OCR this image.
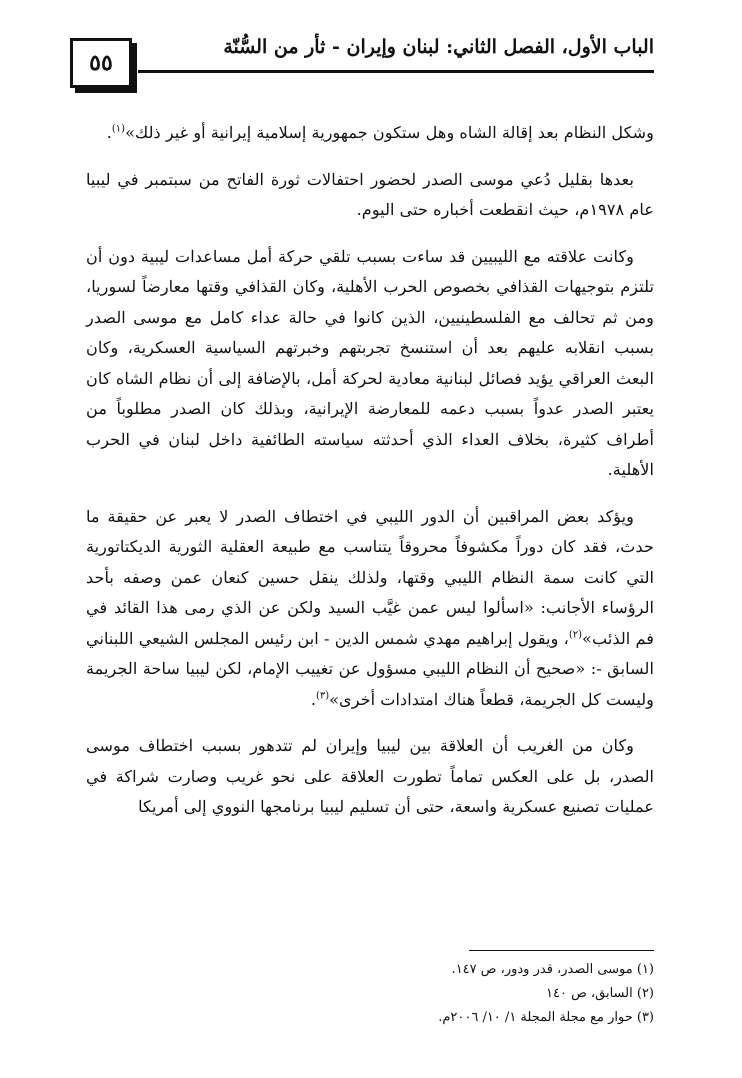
٥٥
الباب الأول، الفصل الثاني: لبنان وإيران - ثأر من السُّنّة

وشكل النظام بعد إقالة الشاه وهل ستكون جمهورية إسلامية إيرانية أو غير ذلك»$^{(١)}$.

بعدها بقليل دُعي موسى الصدر لحضور احتفالات ثورة الفاتح من سبتمبر في ليبيا عام ١٩٧٨م، حيث انقطعت أخباره حتى اليوم.

وكانت علاقته مع الليبيين قد ساءت بسبب تلقي حركة أمل مساعدات ليبية دون أن تلتزم بتوجيهات القذافي بخصوص الحرب الأهلية، وكان القذافي وقتها معارضاً لسوريا، ومن ثم تحالف مع الفلسطينيين، الذين كانوا في حالة عداء كامل مع موسى الصدر بسبب انقلابه عليهم بعد أن استنسخ تجربتهم وخبرتهم السياسية العسكرية، وكان البعث العراقي يؤيد فصائل لبنانية معادية لحركة أمل، بالإضافة إلى أن نظام الشاه كان يعتبر الصدر عدواً بسبب دعمه للمعارضة الإيرانية، وبذلك كان الصدر مطلوباً من أطراف كثيرة، بخلاف العداء الذي أحدثته سياسته الطائفية داخل لبنان في الحرب الأهلية.

ويؤكد بعض المراقبين أن الدور الليبي في اختطاف الصدر لا يعبر عن حقيقة ما حدث، فقد كان دوراً مكشوفاً محروقاً يتناسب مع طبيعة العقلية الثورية الديكتاتورية التي كانت سمة النظام الليبي وقتها، ولذلك ينقل حسين كنعان عمن وصفه بأحد الرؤساء الأجانب: «اسألوا ليس عمن غيَّب السيد ولكن عن الذي رمى هذا القائد في فم الذئب»$^{(٢)}$، ويقول إبراهيم مهدي شمس الدين - ابن رئيس المجلس الشيعي اللبناني السابق -: «صحيح أن النظام الليبي مسؤول عن تغييب الإمام، لكن ليبيا ساحة الجريمة وليست كل الجريمة، قطعاً هناك امتدادات أخرى»$^{(٣)}$.

وكان من الغريب أن العلاقة بين ليبيا وإيران لم تتدهور بسبب اختطاف موسى الصدر، بل على العكس تماماً تطورت العلاقة على نحو غريب وصارت شراكة في عمليات تصنيع عسكرية واسعة، حتى أن تسليم ليبيا برنامجها النووي إلى أمريكا

(١) موسى الصدر، قدر ودور، ص ١٤٧.
(٢) السابق، ص ١٤٠
(٣) حوار مع مجلة المجلة ١/ ١٠/ ٢٠٠٦م.
